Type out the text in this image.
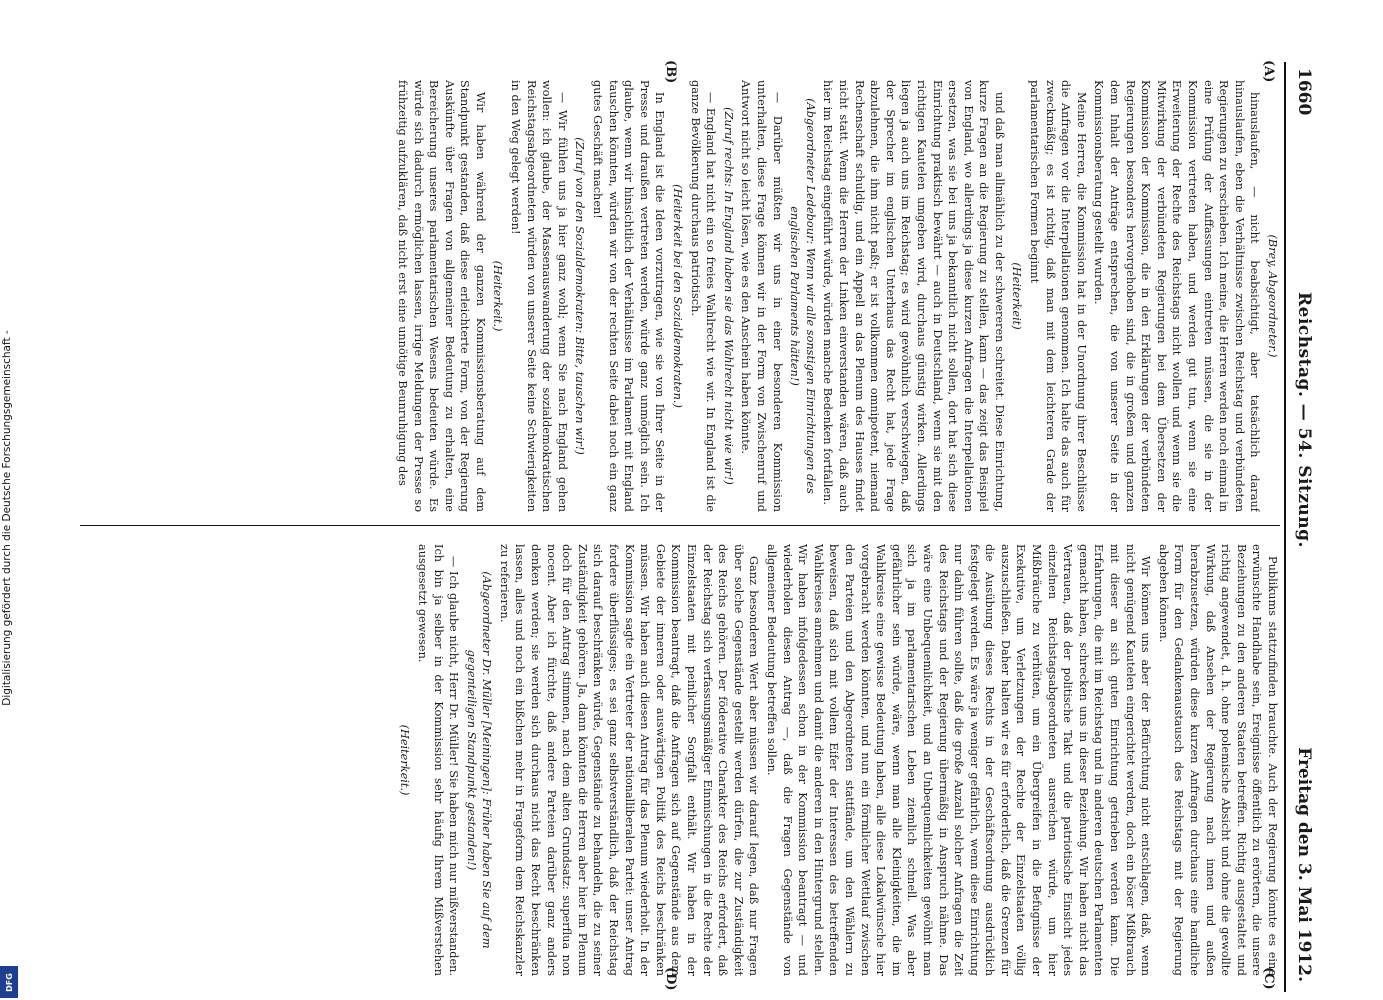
1660
Reichstag. — 54. Sitzung.
Freitag den 3. Mai 1912.
(A)
(B)
(C)
(D)

(Brey, Abgeordneter.)

hinauslaufen, — nicht beabsichtigt, aber tatsächlich darauf hinauslaufen, eben die Verhältnisse zwischen Reichstag und verbündeten Regierungen zu verschieben. Ich meine, die Herren werden noch einmal in eine Prüfung der Auffassungen eintreten müssen, die sie in der Kommission vertreten haben, und werden gut tun, wenn sie eine Erweiterung der Rechte des Reichstags nicht wollen und wenn sie die Mitwirkung der verbündeten Regierungen bei dem Übersetzen der Kommission der Kommission, die in den Erklärungen der verbündeten Regierungen besonders hervorgehoben sind, die in großem und ganzen dem Inhalt der Anträge entsprechen, die von unserer Seite in der Kommissionsberatung gestellt wurden.

Meine Herren, die Kommission hat in der Unordnung ihrer Beschlüsse die Anfragen vor die Interpellationen genommen. Ich halte das auch für zweckmäßig; es ist richtig, daß man mit dem leichteren Grade der parlamentarischen Formen beginnt

(Heiterkeit)

und daß man allmählich zu der schwereren schreitet. Diese Einrichtung, kurze Fragen an die Regierung zu stellen, kann — das zeigt das Beispiel von England, wo allerdings ja diese kurzen Anfragen die Interpellationen ersetzen, was sie bei uns ja bekanntlich nicht sollen, dort hat sich diese Einrichtung praktisch bewährt — auch in Deutschland, wenn sie mit den richtigen Kautelen umgeben wird, durchaus günstig wirken. Allerdings liegen ja auch uns im Reichstag; es wird gewöhnlich verschwiegen, daß der Sprecher im englischen Unterhaus das Recht hat, jede Frage abzulehnen, die ihm nicht paßt; er ist vollkommen omnipotent, niemand Rechenschaft schuldig, und ein Appell an das Plenum des Hauses findet nicht statt. Wenn die Herren der Linken einverstanden wären, daß auch hier im Reichstag eingeführt würde, würden manche Bedenken fortfallen.

(Abgeordneter Ledebour: Wenn wir alle sonstigen Einrichtungen des englischen Parlaments hätten!)

— Darüber müßten wir uns in einer besonderen Kommission unterhalten, diese Frage können wir in der Form von Zwischenruf und Antwort nicht so leicht lösen, wie es den Anschein haben könnte.

(Zuruf rechts: In England haben sie das Wahlrecht nicht wie wir!)

— England hat nicht ein so freies Wahlrecht wie wir. In England ist die ganze Bevölkerung durchaus patriotisch.

(Heiterkeit bei den Sozialdemokraten.)

In England ist die Ideen vorzutragen, wie sie von Ihrer Seite in der Presse und draußen vertreten werden, würde ganz unmöglich sein. Ich glaube, wenn wir hinsichtlich der Verhältnisse im Parlament mit England tauschen könnten, würden wir von der rechten Seite dabei noch ein ganz gutes Geschäft machen!

(Zuruf von den Sozialdemokraten: Bitte, tauschen wir!)

— Wir fühlen uns ja hier ganz wohl; wenn Sie nach England gehen wollen: ich glaube, der Massenauswanderung der sozialdemokratischen Reichstagsabgeordneten würden von unserer Seite keine Schwierigkeiten in den Weg gelegt werden!

(Heiterkeit.)

Wir haben während der ganzen Kommissionsberatung auf dem Standpunkt gestanden, daß diese erleichterte Form, von der Regierung Auskünfte über Fragen von allgemeiner Bedeutung zu erhalten, eine Bereicherung unseres parlamentarischen Wesens bedeuten würde. Es würde sich dadurch ermöglichen lassen, irrige Meldungen der Presse so frühzeitig aufzuklären, daß nicht erst eine unnötige Beunruhigung des

Publikums stattzufinden brauchte. Auch der Regierung könnte es eine erwünschte Handhabe sein, Ereignisse öffentlich zu erörtern, die unsere Beziehungen zu den anderen Staaten betreffen. Richtig ausgestaltet und richtig angewendet, d. h. ohne polemische Absicht und ohne die gewollte Wirkung, daß Ansehen der Regierung nach innen und außen herabzusetzen, würden diese kurzen Anfragen durchaus eine handliche Form für den Gedankenaustausch des Reichstags mit der Regierung abgeben können.

Wir können uns aber der Befürchtung nicht entschlagen, daß, wenn nicht genügend Kautelen eingerichtet werden, doch ein böser Mißbrauch mit dieser an sich guten Einrichtung getrieben werden kann. Die Erfahrungen, die mit im Reichstag und in anderen deutschen Parlamenten gemacht haben, schrecken uns in dieser Beziehung. Wir haben nicht das Vertrauen, daß der politische Takt und die patriotische Einsicht jedes einzelnen Reichstagsabgeordneten ausreichen würde, um hier Mißbräuche zu verhüten, um ein Übergreifen in die Befugnisse der Exekutive, um Verletzungen der Rechte der Einzelstaaten völlig auszuschließen. Daher halten wir es für erforderlich, daß die Grenzen für die Ausübung dieses Rechts in der Geschäftsordnung ausdrücklich festgelegt werden. Es wäre ja weniger gefährlich, wenn diese Einrichtung nur dahin führen sollte, daß die große Anzahl solcher Anfragen die Zeit des Reichstags und der Regierung übermäßig in Anspruch nähme. Das wäre eine Unbequemlichkeit, und an Unbequemlichkeiten gewöhnt man sich ja im parlamentarischen Leben ziemlich schnell. Was aber gefährlicher sein würde, wäre, wenn man alle Kleinigkeiten, die im Wahlkreise eine gewisse Bedeutung haben, alle diese Lokalwünsche hier vorgebracht werden könnten, und nun ein förmlicher Wettlauf zwischen den Parteien und den Abgeordneten stattfände, um den Wählern zu beweisen, daß sich mit vollem Eifer der Interessen des betreffenden Wahlkreises annehmen und damit die anderen in den Hintergrund stellen. Wir haben infolgedessen schon in der Kommission beantragt — und wiederholen diesen Antrag —, daß die Fragen Gegenstände von allgemeiner Bedeutung betreffen sollen.

Ganz besonderen Wert aber müssen wir darauf legen, daß nur Fragen über solche Gegenstände gestellt werden dürfen, die zur Zuständigkeit des Reichs gehören. Der föderative Charakter des Reichs erfordert, daß der Reichstag sich verfassungsmäßiger Einmischungen in die Rechte der Einzelstaaten mit peinlicher Sorgfalt enthält. Wir haben in der Kommission beantragt, daß die Anfragen sich auf Gegenstände aus dem Gebiete der inneren oder auswärtigen Politik des Reichs beschränken müssen. Wir haben auch diesen Antrag für das Plenum wiederholt. In der Kommission sagte ein Vertreter der nationalliberalen Partei: unser Antrag fordere überflüssiges; es sei ganz selbstverständlich, daß der Reichstag sich darauf beschränken würde, Gegenstände zu behandeln, die zu seiner Zuständigkeit gehören. Ja, dann könnten die Herren aber hier im Plenum doch für den Antrag stimmen, nach dem alten Grundsatz: superflua non nocent. Aber ich fürchte, daß andere Parteien darüber ganz anders denken werden; sie werden sich durchaus nicht das Recht beschränken lassen, alles und noch ein bißchen mehr in Frageform dem Reichskanzler zu referieren.

(Abgeordneter Dr. Müller [Meiningen]: Früher haben Sie auf dem gegenteiligen Standpunkt gestanden!)

— Ich glaube nicht, Herr Dr. Müller! Sie haben mich nur mißverstanden. Ich bin ja selber in der Kommission sehr häufig Ihrem Mißverstehen ausgesetzt gewesen.

(Heiterkeit.)

Digitalisierung gefördert durch die Deutsche Forschungsgemeinschaft -
DFG
